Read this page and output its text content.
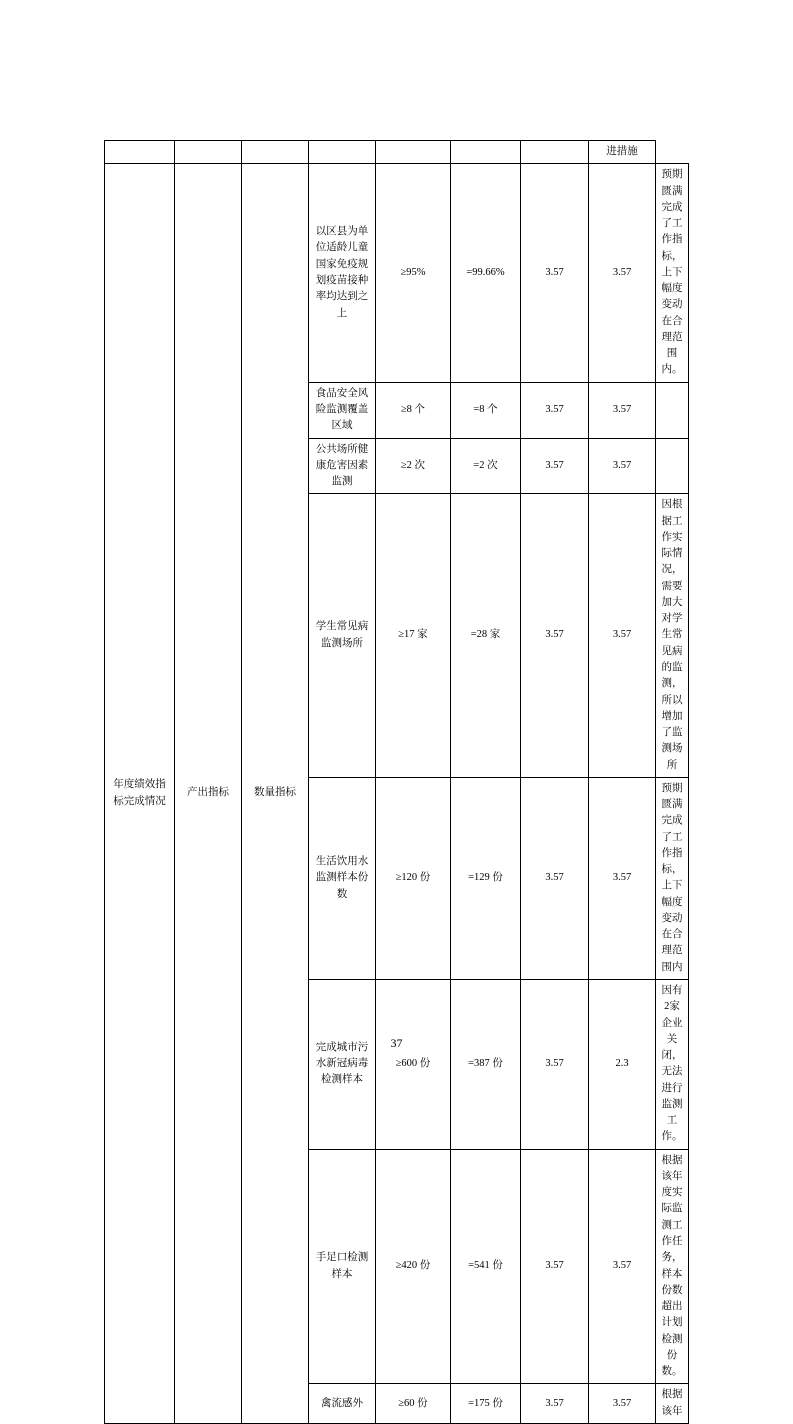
							进措施	
年度绩效指标完成情况	产出指标	数量指标	以区县为单位适龄儿童国家免疫规划疫苗接种率均达到之上	≥95%	=99.66%	3.57	3.57	预期匮满完成了工作指标，上下幅度变动在合理范围内。
			食品安全风险监测覆盖区域	≥8 个	=8 个	3.57	3.57	
			公共场所健康危害因素监测	≥2 次	=2 次	3.57	3.57	
			学生常见病监测场所	≥17 家	=28 家	3.57	3.57	因根据工作实际情况，需要加大对学生常见病的监测，所以增加了监测场所
			生活饮用水监测样本份数	≥120 份	=129 份	3.57	3.57	预期匮满完成了工作指标，上下幅度变动在合理范围内
			完成城市污水新冠病毒检测样本	≥600 份	=387 份	3.57	2.3	因有2家企业关闭，无法进行监测工作。
			手足口检测样本	≥420 份	=541 份	3.57	3.57	根据该年度实际监测工作任务，样本份数超出计划检测份数。
			禽流感外	≥60 份	=175 份	3.57	3.57	根据该年
37
